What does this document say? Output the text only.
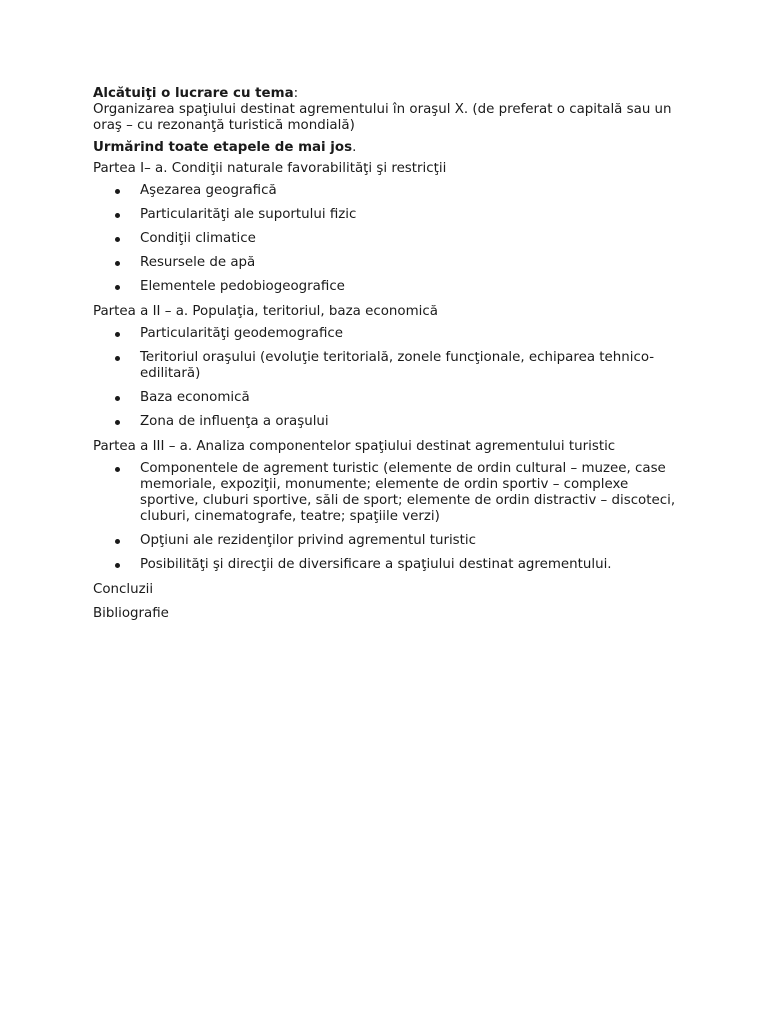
Alcătuiţi o lucrare cu tema:
Organizarea spaţiului destinat agrementului în oraşul X. (de preferat o capitală sau un oraş – cu rezonanţă turistică mondială)
Urmărind toate etapele de mai jos.
Partea I– a. Condiţii naturale favorabilităţi şi restricţii
Aşezarea geografică
Particularităţi ale suportului fizic
Condiţii climatice
Resursele de apă
Elementele pedobiogeografice
Partea a II – a. Populaţia, teritoriul, baza economică
Particularităţi geodemografice
Teritoriul oraşului (evoluţie teritorială, zonele funcţionale, echiparea tehnico-edilitară)
Baza economică
Zona de influenţa a oraşului
Partea a III – a. Analiza componentelor spaţiului destinat agrementului turistic
Componentele de agrement turistic (elemente de ordin cultural – muzee, case memoriale, expoziţii, monumente; elemente de ordin sportiv – complexe sportive, cluburi sportive, săli de sport; elemente de ordin distractiv – discoteci, cluburi, cinematografe, teatre; spaţiile verzi)
Opţiuni ale rezidenţilor privind agrementul turistic
Posibilităţi şi direcţii de diversificare a spaţiului destinat agrementului.
Concluzii
Bibliografie
